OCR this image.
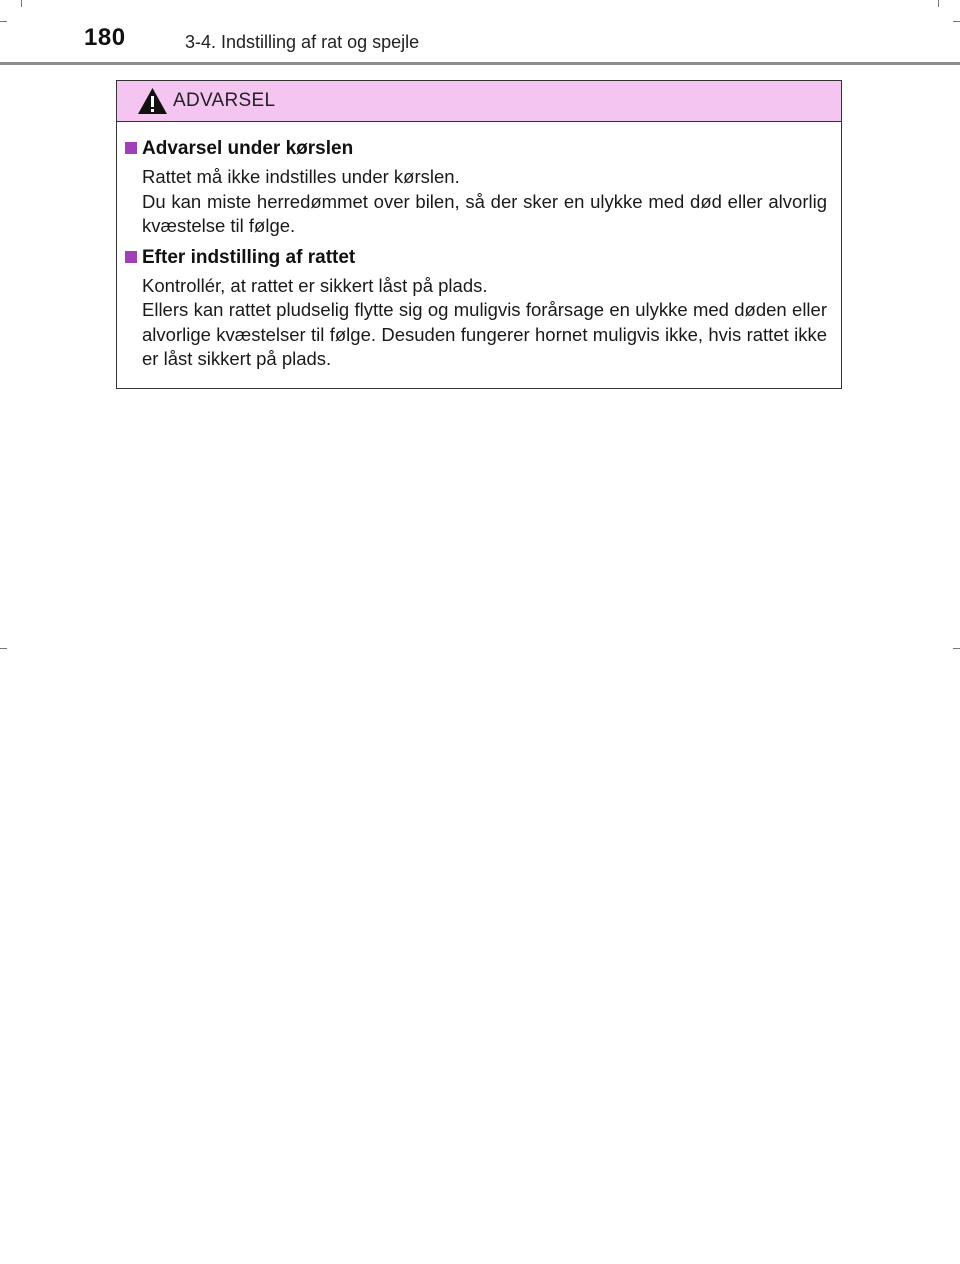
180	3-4. Indstilling af rat og spejle
ADVARSEL
Advarsel under kørslen

Rattet må ikke indstilles under kørslen.

Du kan miste herredømmet over bilen, så der sker en ulykke med død eller alvorlig kvæstelse til følge.

Efter indstilling af rattet

Kontrollér, at rattet er sikkert låst på plads.

Ellers kan rattet pludselig flytte sig og muligvis forårsage en ulykke med døden eller alvorlige kvæstelser til følge. Desuden fungerer hornet muligvis ikke, hvis rattet ikke er låst sikkert på plads.
